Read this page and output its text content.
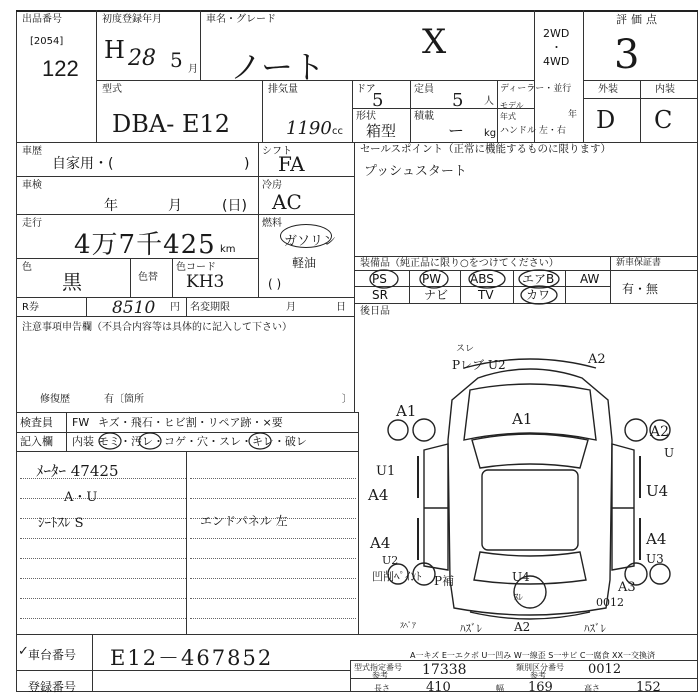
出品番号
[2054]
122
初度登録年月
H 28 5 月
車名・グレード
ノート
X	2WD
・
4WD
評価点
3
型式
DBA- E12
排気量
1190 cc
ドア
5
定員
5 人
形状
箱型
積載
ー kg
ディーラー・並行
モデル年式	年
ハンドル 左・右
外装	内装
D C
車歴
自家用・(	)
シフト
FA
車検
年	月	(日)
冷房
AC
走行
4万7千425 km
燃料
ガソリン
軽油
( )
色
黒	色替
色コード
KH3
R券	8510 円 名変期限	月	日
注意事項申告欄（不具合内容等は具体的に記入して下さい）
修復歴	有〔箇所	〕
セールスポイント（正常に機能するものに限ります）
プッシュスタート
装備品（純正品に限り○をつけてください）	新車保証書
有・無
PS	PW ABS エアB AW
SR	ナビ TV	カワ
後日品
スレ
Pレブ U2	A2
A1	A1
A2
U
U1
A4	U4
A4
U2
凹削ﾍﾟｲﾝﾄ
A4
U3
P補	U4
ｽﾚ
A3
ﾊｽﾞﾚ	ﾊｽﾞﾚ
A2
ｽﾍﾟｱ
0012
A一キズ E一エクボ U一凹み W一線歪 S一サビ C一腐食 XX一交換済
検査員
記入欄
FW キズ・飛石・ヒビ割・リペア跡・×要
内装 モミ・汚レ・コゲ・穴・スレ・キレ・破レ
ﾒｰﾀｰ 47425
A・U
ｼｰﾄｽﾚ S	エンドパネル 左
車台番号
✓	E12－467852
登録番号
型式指定番号
参考 17338	類別区分番号
参考	0012
長さ	410	幅 169	高さ	152
